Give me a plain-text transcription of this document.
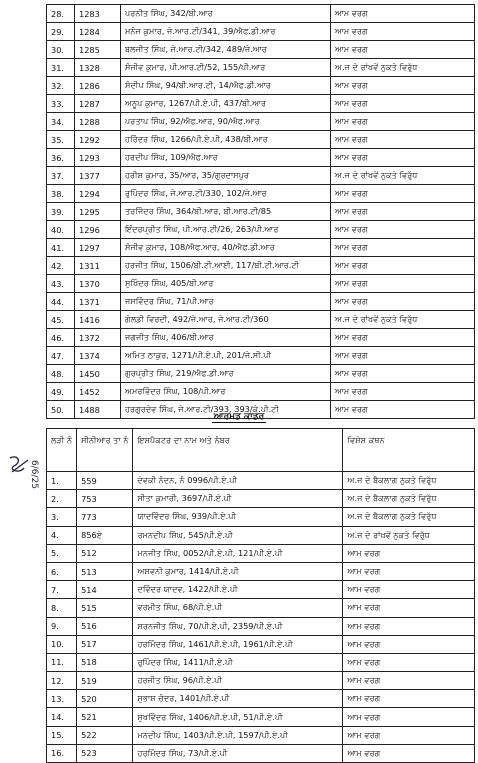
28.	1283	ਪਰਨੀਤ ਸਿੰਘ, 342/ਬੀ.ਆਰ	ਆਮ ਵਰਗ
29.	1284	ਮਨੋਜ ਕੁਮਾਰ, ਜੇ.ਆਰ.ਟੀ/341, 39/ਐਫ.ਡੀ.ਆਰ	ਆਮ ਵਰਗ
30.	1285	ਬਲਜੀਤ ਸਿੰਘ, ਜੇ.ਆਰ.ਟੀ/342, 489/ਜੇ.ਆਰ	ਆਮ ਵਰਗ
31.	1328	ਸੰਜੀਵ ਕੁਮਾਰ, ਪੀ.ਆਰ.ਟੀ/52, 155/ਪੀ.ਆਰ	ਅ.ਜ ਦੇ ਰਾਂਖਵੇਂ ਨੁਕਤੇ ਵਿਰੁੱਧ
32.	1286	ਸੰਦੀਪ ਸਿੰਘ, 94/ਬੀ.ਆਰ.ਟੀ, 14/ਐਫ.ਡੀ.ਆਰ	ਆਮ ਵਰਗ
33.	1287	ਅਨੂਪ ਕੁਮਾਰ, 1267/ਪੀ.ਏ.ਪੀ, 437/ਬੀ.ਆਰ	ਆਮ ਵਰਗ
34.	1288	ਪਰਤਾਪ ਸਿੰਘ, 92/ਐਫ.ਆਰ, 90/ਐਫ.ਆਰ	ਆਮ ਵਰਗ
35.	1292	ਹਰਿੰਦਰ ਸਿੰਘ, 1266/ਪੀ.ਏ.ਪੀ, 438/ਬੀ.ਆਰ	ਆਮ ਵਰਗ
36.	1293	ਹਰਦੀਪ ਸਿੰਘ, 109/ਐਫ.ਆਰ	ਆਮ ਵਰਗ
37.	1377	ਹਰੀਸ਼ ਕੁਮਾਰ, 35/ਆਰ, 35/ਗੁਰਦਾਸਪੁਰ	ਅ.ਜ ਦੇ ਰਾਂਖਵੇਂ ਨੁਕਤੇ ਵਿਰੁੱਧ
38.	1294	ਰੁਪਿੰਦਰ ਸਿੰਘ, ਜੇ.ਆਰ.ਟੀ/330, 102/ਜੇ.ਆਰ	ਆਮ ਵਰਗ
39.	1295	ਤਰਜਿੰਦਰ ਸਿੰਘ, 364/ਬੀ.ਆਰ, ਬੀ.ਆਰ.ਟੀ/85	ਆਮ ਵਰਗ
40.	1296	ਇੰਦਰਪ੍ਰੀਤ ਸਿੰਘ, ਪੀ.ਆਰ.ਟੀ/26, 263/ਪੀ.ਆਰ	ਆਮ ਵਰਗ
41.	1297	ਸੰਜੀਵ ਕੁਮਾਰ, 108/ਐਫ.ਆਰ, 40/ਐਫ.ਡੀ.ਆਰ	ਆਮ ਵਰਗ
42.	1311	ਹਰਜੀਤ ਸਿੰਘ, 1506/ਬੀ.ਟੀ.ਆਈ, 117/ਬੀ.ਟੀ.ਆਰ.ਟੀ	ਆਮ ਵਰਗ
43.	1370	ਸੁਖਿੰਦਰ ਸਿੰਘ, 405/ਬੀ.ਆਰ	ਆਮ ਵਰਗ
44.	1371	ਜਸਵਿੰਦਰ ਸਿੰਘ, 71/ਪੀ.ਆਰ	ਆਮ ਵਰਗ
45.	1416	ਗੋਲਡੀ ਵਿਰਦੀ, 492/ਜੇ.ਆਰ, ਜੇ.ਆਰ.ਟੀ/360	ਅ.ਜ ਦੇ ਰਾਂਖਵੇਂ ਨੁਕਤੇ ਵਿਰੁੱਧ
46.	1372	ਜਗਜੀਤ ਸਿੰਘ, 406/ਬੀ.ਆਰ	ਆਮ ਵਰਗ
47.	1374	ਅਮਿਤ ਠਾਕੁਰ, 1271/ਪੀ.ਏ.ਪੀ, 201/ਜੇ.ਸੀ.ਪੀ	ਆਮ ਵਰਗ
48.	1450	ਗੁਰਪ੍ਰੀਤ ਸਿੰਘ, 219/ਐਫ.ਡੀ.ਆਰ	ਆਮ ਵਰਗ
49.	1452	ਅਮਰਵਿੰਦਰ ਸਿੰਘ, 108/ਪੀ.ਆਰ	ਆਮ ਵਰਗ
50.	1488	ਹਰਗੁਰਦੇਵ ਸਿੰਘ, ਜੇ.ਆਰ.ਟੀ/393, 393/ਕੇ.ਪੀ.ਟੀ	ਆਮ ਵਰਗ
ਆਰਮਡ ਕਾਡਰ
6/6/25
ਲੜੀ ਨੰ	ਸੀਨੀਆਰ ਤਾ ਨੰ	ਇਸਪੈਕਟਰ ਦਾ ਨਾਮ ਅਤੇ ਨੰਬਰ	ਵਿਸ਼ੇਸ਼ ਕਥਨ
1.	559	ਦੇਵਕੀ ਨੰਦਨ, ਨੰ 0996/ਪੀ.ਏ.ਪੀ	ਅ.ਜ ਦੇ ਬੈਕਲਾਗ ਨੁਕਤੇ ਵਿਰੁੱਧ
2.	753	ਸੀਤਾ ਕੁਮਾਰੀ, 3697/ਪੀ.ਏ.ਪੀ	ਅ.ਜ ਦੇ ਬੈਕਲਾਗ ਨੁਕਤੇ ਵਿਰੁੱਧ
3.	773	ਯਾਦਵਿੰਦਰ ਸਿੰਘ, 939/ਪੀ.ਏ.ਪੀ	ਅ.ਜ ਦੇ ਬੈਕਲਾਗ ਨੁਕਤੇ ਵਿਰੁੱਧ
4.	856ਏ	ਰਮਨਦੀਪ ਸਿੰਘ, 545/ਪੀ.ਏ.ਪੀ	ਅ.ਜ ਦੇ ਰਾਂਖਵੇਂ ਨੁਕਤੇ ਵਿਰੁੱਧ
5.	512	ਮਨਜੀਤ ਸਿੰਘ, 0052/ਪੀ.ਏ.ਪੀ, 121/ਪੀ.ਏ.ਪੀ	ਆਮ ਵਰਗ
6.	513	ਅਸ਼ਵਨੀ ਕੁਮਾਰ, 1414/ਪੀ.ਏ.ਪੀ	ਆਮ ਵਰਗ
7.	514	ਦਵਿੰਦਰ ਯਾਦਵ, 1422/ਪੀ.ਏ.ਪੀ	ਆਮ ਵਰਗ
8.	515	ਵਰਮੀਤ ਸਿੰਘ, 68/ਪੀ.ਏ.ਪੀ	ਆਮ ਵਰਗ
9.	516	ਸ਼ਰਨਜੀਤ ਸਿੰਘ, 70/ਪੀ.ਏ.ਪੀ, 2359/ਪੀ.ਏ.ਪੀ	ਆਮ ਵਰਗ
10.	517	ਹਰਮਿੰਦਰ ਸਿੰਘ, 1461/ਪੀ.ਏ.ਪੀ, 1961/ਪੀ.ਏ.ਪੀ	ਆਮ ਵਰਗ
11.	518	ਰੁਪਿੰਦਰ ਸਿੰਘ, 1411/ਪੀ.ਏ.ਪੀ	ਆਮ ਵਰਗ
12.	519	ਹਰਜੀਤ ਸਿੰਘ, 96/ਪੀ.ਏ.ਪੀ	ਆਮ ਵਰਗ
13.	520	ਸੁਭਾਸ਼ ਚੰਦਰ, 1401/ਪੀ.ਏ.ਪੀ	ਆਮ ਵਰਗ
14.	521	ਸੁਖਵਿੰਦਰ ਸਿੰਘ, 1406/ਪੀ.ਏ.ਪੀ, 51/ਪੀ.ਏ.ਪੀ	ਆਮ ਵਰਗ
15.	522	ਮਨਦੀਪ ਸਿੰਘ, 1403/ਪੀ.ਏ.ਪੀ, 1597/ਪੀ.ਏ.ਪੀ	ਆਮ ਵਰਗ
16.	523	ਹਰਮਿੰਦਰ ਸਿੰਘ, 73/ਪੀ.ਏ.ਪੀ	ਆਮ ਵਰਗ
